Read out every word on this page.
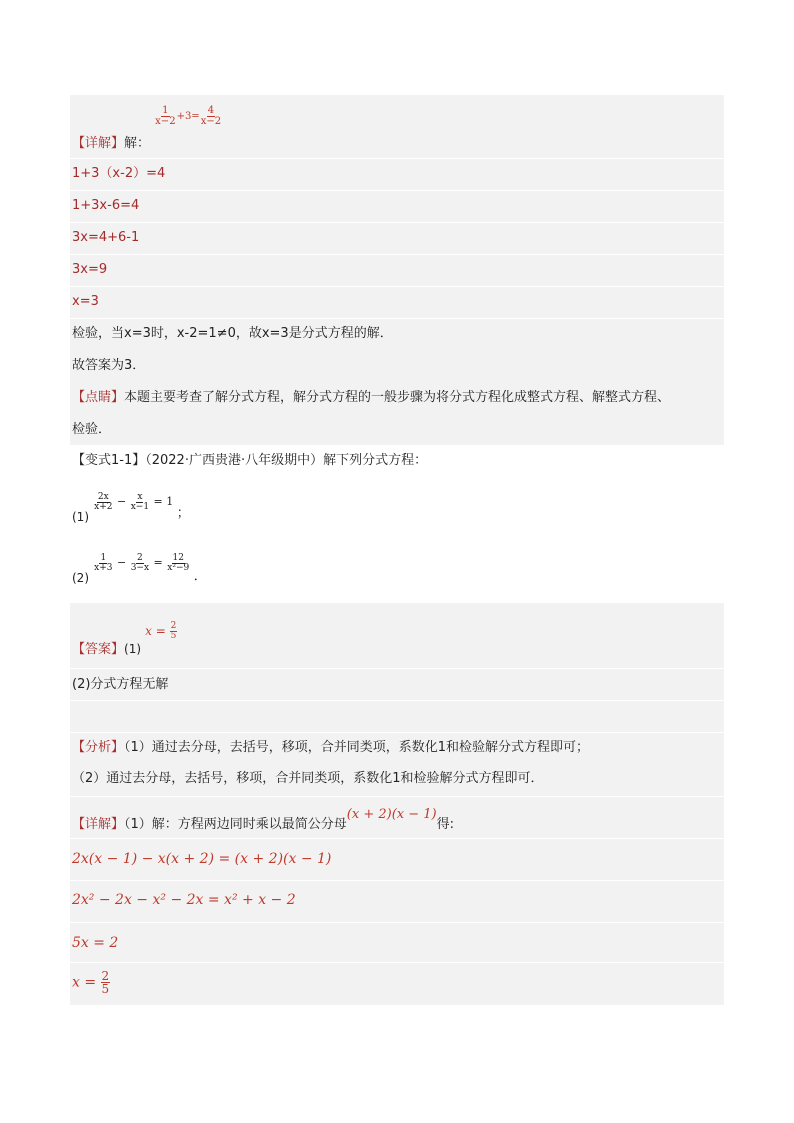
【详解】解：
$\frac{1}{x-2} +3= \frac{4}{x-2}$
1+3（x-2）=4
1+3x-6=4
3x=4+6-1
3x=9
x=3
检验，当x=3时，x-2=1≠0，故x=3是分式方程的解．
故答案为3．
【点睛】本题主要考查了解分式方程，解分式方程的一般步骤为将分式方程化成整式方程、解整式方程、
检验．
【变式1-1】（2022·广西贵港·八年级期中）解下列分式方程：
(1)
$\frac{2x}{x+2} - \frac{x}{x-1} = 1$ ；
(2)
$\frac{1}{x+3} - \frac{2}{3-x} = \frac{12}{\text{x²−9}}$
．
【答案】(1) $x = \frac{2}{5}$
(2)分式方程无解
【分析】（1）通过去分母，去括号，移项，合并同类项，系数化1和检验解分式方程即可；
（2）通过去分母，去括号，移项，合并同类项，系数化1和检验解分式方程即可．
【详解】（1）解：方程两边同时乘以最简公分母(x + 2)(x − 1)得:
2x(x − 1) − x(x + 2) = (x + 2)(x − 1)
2x² − 2x − x² − 2x = x² + x − 2
5x = 2
$x = \frac{2}{5}$
